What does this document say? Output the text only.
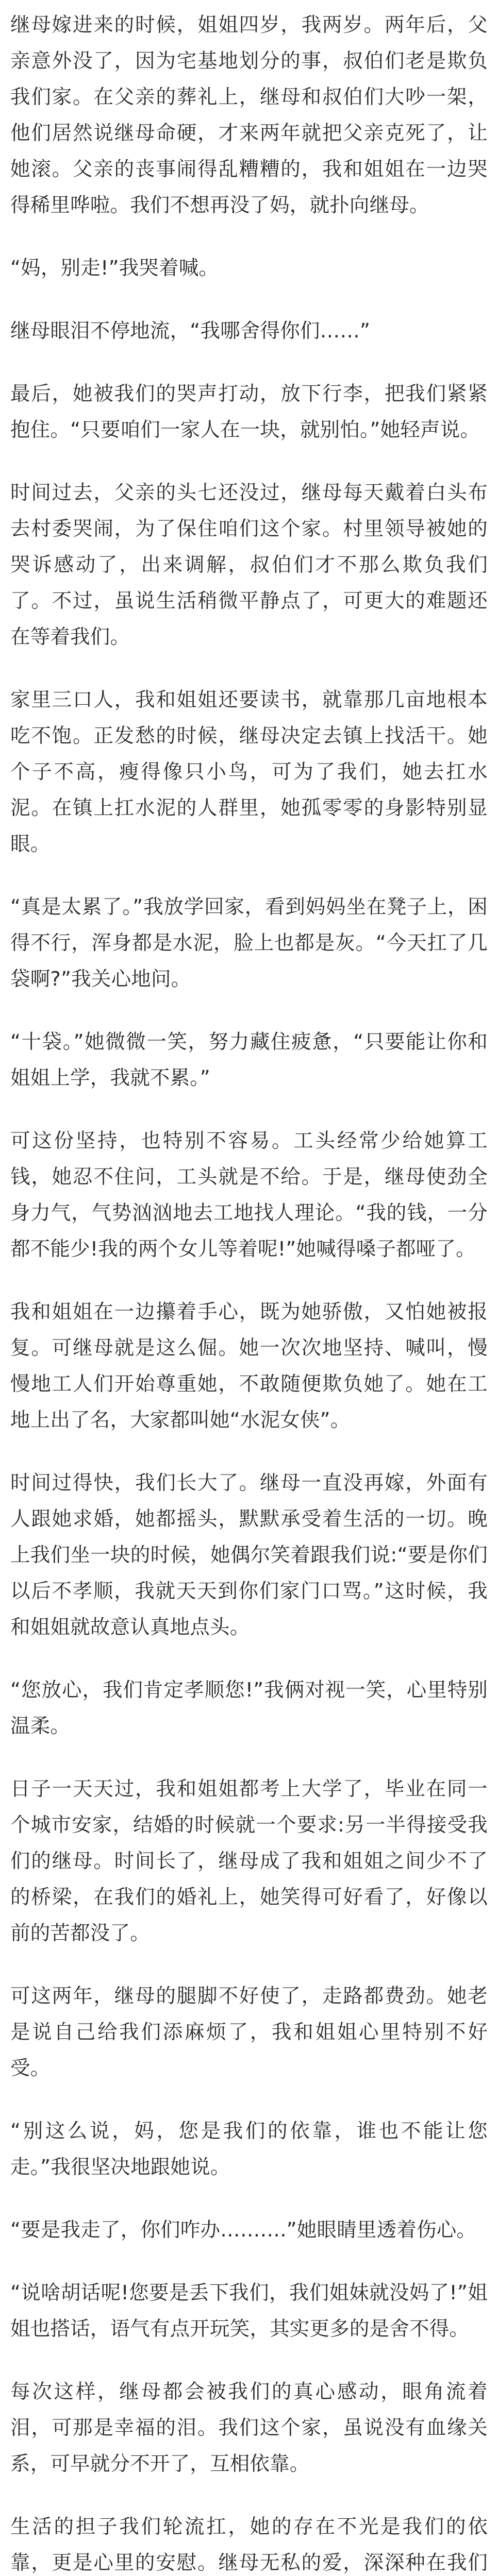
继母嫁进来的时候，姐姐四岁，我两岁。两年后，父亲意外没了，因为宅基地划分的事，叔伯们老是欺负我们家。在父亲的葬礼上，继母和叔伯们大吵一架，他们居然说继母命硬，才来两年就把父亲克死了，让她滚。父亲的丧事闹得乱糟糟的，我和姐姐在一边哭得稀里哗啦。我们不想再没了妈，就扑向继母。

“妈，别走!”我哭着喊。

继母眼泪不停地流，“我哪舍得你们……”

最后，她被我们的哭声打动，放下行李，把我们紧紧抱住。“只要咱们一家人在一块，就别怕。”她轻声说。

时间过去，父亲的头七还没过，继母每天戴着白头布去村委哭闹，为了保住咱们这个家。村里领导被她的哭诉感动了，出来调解，叔伯们才不那么欺负我们了。不过，虽说生活稍微平静点了，可更大的难题还在等着我们。

家里三口人，我和姐姐还要读书，就靠那几亩地根本吃不饱。正发愁的时候，继母决定去镇上找活干。她个子不高，瘦得像只小鸟，可为了我们，她去扛水泥。在镇上扛水泥的人群里，她孤零零的身影特别显眼。

“真是太累了。”我放学回家，看到妈妈坐在凳子上，困得不行，浑身都是水泥，脸上也都是灰。“今天扛了几袋啊?”我关心地问。

“十袋。”她微微一笑，努力藏住疲惫，“只要能让你和姐姐上学，我就不累。”

可这份坚持，也特别不容易。工头经常少给她算工钱，她忍不住问，工头就是不给。于是，继母使劲全身力气，气势汹汹地去工地找人理论。“我的钱，一分都不能少!我的两个女儿等着呢!”她喊得嗓子都哑了。

我和姐姐在一边攥着手心，既为她骄傲，又怕她被报复。可继母就是这么倔。她一次次地坚持、喊叫，慢慢地工人们开始尊重她，不敢随便欺负她了。她在工地上出了名，大家都叫她“水泥女侠”。

时间过得快，我们长大了。继母一直没再嫁，外面有人跟她求婚，她都摇头，默默承受着生活的一切。晚上我们坐一块的时候，她偶尔笑着跟我们说:“要是你们以后不孝顺，我就天天到你们家门口骂。”这时候，我和姐姐就故意认真地点头。

“您放心，我们肯定孝顺您!”我俩对视一笑，心里特别温柔。

日子一天天过，我和姐姐都考上大学了，毕业在同一个城市安家，结婚的时候就一个要求:另一半得接受我们的继母。时间长了，继母成了我和姐姐之间少不了的桥梁，在我们的婚礼上，她笑得可好看了，好像以前的苦都没了。

可这两年，继母的腿脚不好使了，走路都费劲。她老是说自己给我们添麻烦了，我和姐姐心里特别不好受。

“别这么说，妈，您是我们的依靠，谁也不能让您走。”我很坚决地跟她说。

“要是我走了，你们咋办……….”她眼睛里透着伤心。

“说啥胡话呢!您要是丢下我们，我们姐妹就没妈了!”姐姐也搭话，语气有点开玩笑，其实更多的是舍不得。

每次这样，继母都会被我们的真心感动，眼角流着泪，可那是幸福的泪。我们这个家，虽说没有血缘关系，可早就分不开了，互相依靠。

生活的担子我们轮流扛，她的存在不光是我们的依靠，更是心里的安慰。继母无私的爱，深深种在我们
